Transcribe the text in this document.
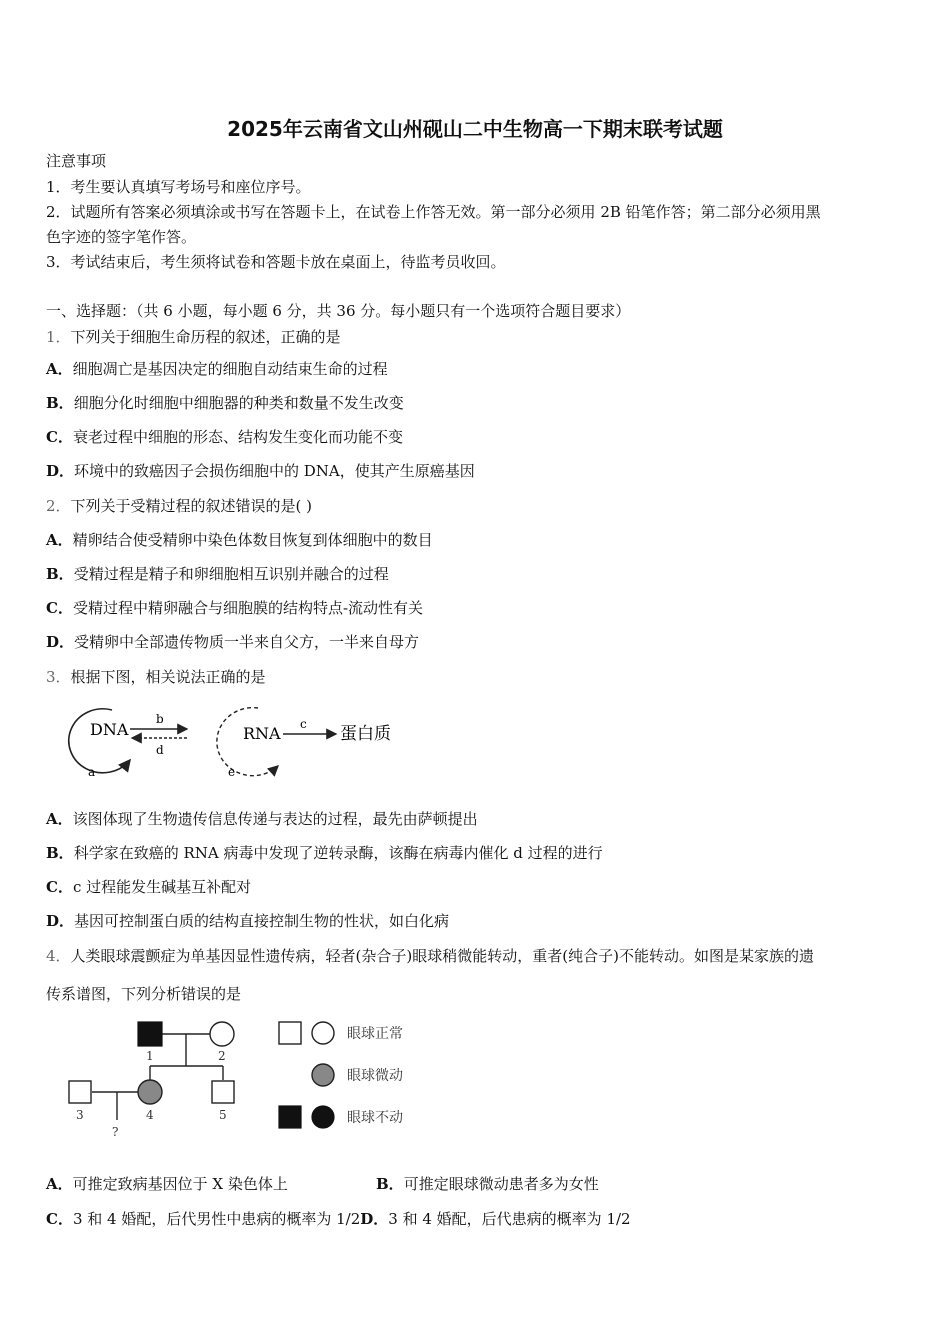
2025年云南省文山州砚山二中生物高一下期末联考试题
注意事项
1．考生要认真填写考场号和座位序号。
2．试题所有答案必须填涂或书写在答题卡上，在试卷上作答无效。第一部分必须用 2B 铅笔作答；第二部分必须用黑
色字迹的签字笔作答。
3．考试结束后，考生须将试卷和答题卡放在桌面上，待监考员收回。
一、选择题：（共 6 小题，每小题 6 分，共 36 分。每小题只有一个选项符合题目要求）
1．下列关于细胞生命历程的叙述，正确的是
A．细胞凋亡是基因决定的细胞自动结束生命的过程
B．细胞分化时细胞中细胞器的种类和数量不发生改变
C．衰老过程中细胞的形态、结构发生变化而功能不变
D．环境中的致癌因子会损伤细胞中的 DNA，使其产生原癌基因
2．下列关于受精过程的叙述错误的是( )
A．精卵结合使受精卵中染色体数目恢复到体细胞中的数目
B．受精过程是精子和卵细胞相互识别并融合的过程
C．受精过程中精卵融合与细胞膜的结构特点-流动性有关
D．受精卵中全部遗传物质一半来自父方，一半来自母方
3．根据下图，相关说法正确的是
DNA
a
b
d
RNA
e
c 蛋白质
A．该图体现了生物遗传信息传递与表达的过程，最先由萨顿提出
B．科学家在致癌的 RNA 病毒中发现了逆转录酶，该酶在病毒内催化 d 过程的进行
C．c 过程能发生碱基互补配对
D．基因可控制蛋白质的结构直接控制生物的性状，如白化病
4．人类眼球震颤症为单基因显性遗传病，轻者(杂合子)眼球稍微能转动，重者(纯合子)不能转动。如图是某家族的遗
传系谱图，下列分析错误的是
1	2
3	4	5
?
眼球正常
眼球微动
眼球不动
A．可推定致病基因位于 X 染色体上	B．可推定眼球微动患者多为女性
C．3 和 4 婚配，后代男性中患病的概率为 1/2D．3 和 4 婚配，后代患病的概率为 1/2
